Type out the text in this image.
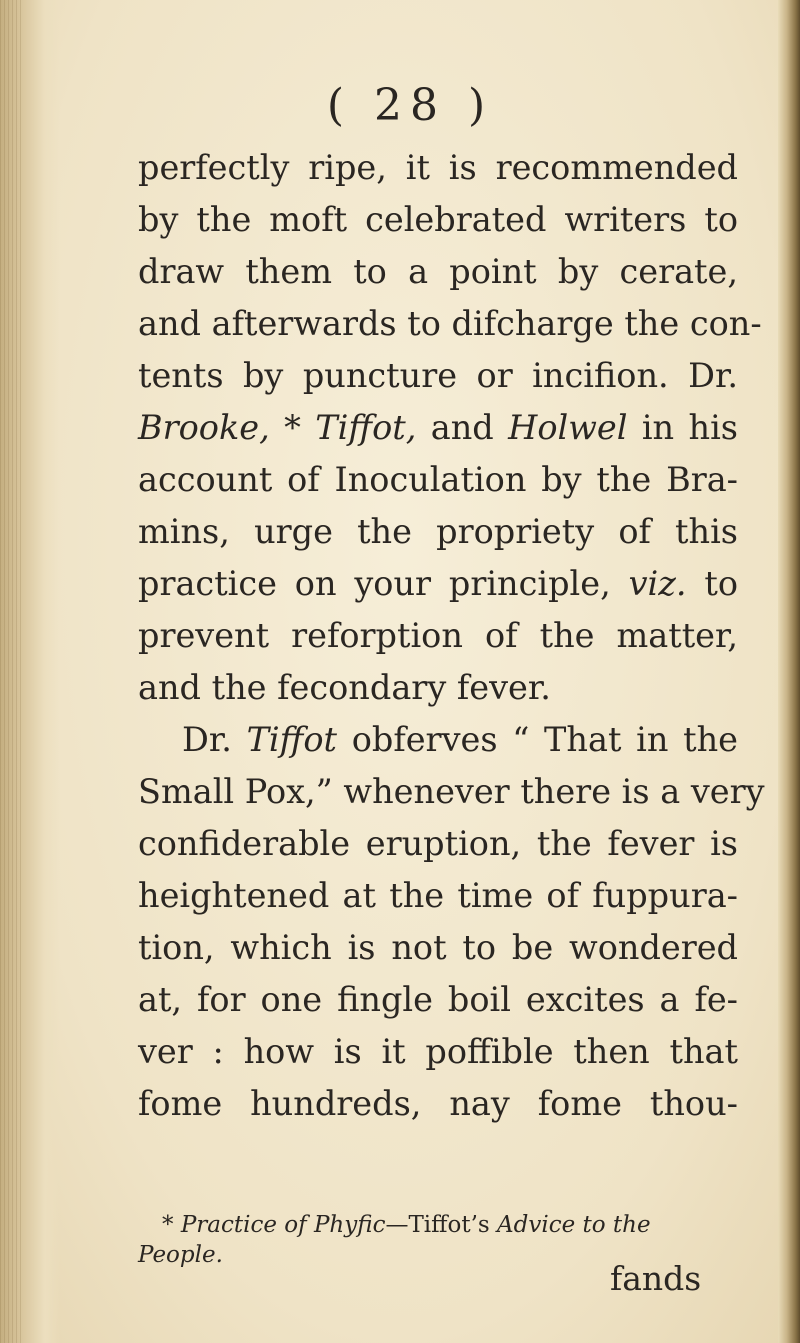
( 28 )
perfectly ripe, it is recommended
by the moft celebrated writers to
draw them to a point by cerate,
and afterwards to difcharge the con-
tents by puncture or incifion. Dr.
Brooke, * Tiffot, and Holwel in his
account of Inoculation by the Bra-
mins, urge the propriety of this
practice on your principle, viz. to
prevent reforption of the matter,
and the fecondary fever.
Dr. Tiffot obferves “ That in the
Small Pox,” whenever there is a very
confiderable eruption, the fever is
heightened at the time of fuppura-
tion, which is not to be wondered
at, for one fingle boil excites a fe-
ver : how is it poffible then that
fome hundreds, nay fome thou-
* Practice of Phyfic—Tiffot’s Advice to the
People.
fands
